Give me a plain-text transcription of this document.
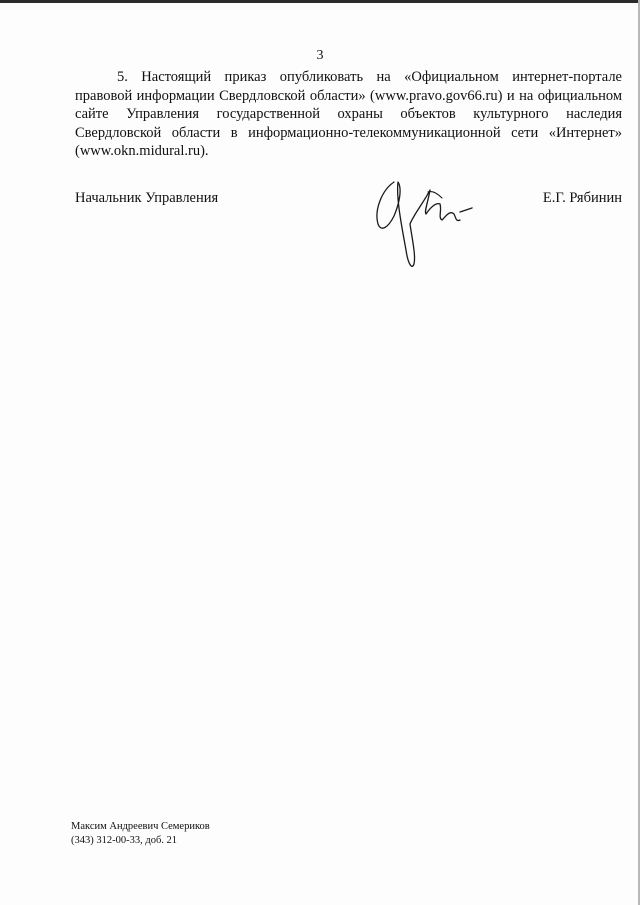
3

5. Настоящий приказ опубликовать на «Официальном интернет-портале правовой информации Свердловской области» (www.pravo.gov66.ru) и на официальном сайте Управления государственной охраны объектов культурного наследия Свердловской области в информационно-телекоммуникационной сети «Интернет» (www.okn.midural.ru).

Начальник Управления	Е.Г. Рябинин
Максим Андреевич Семериков
(343) 312-00-33, доб. 21
